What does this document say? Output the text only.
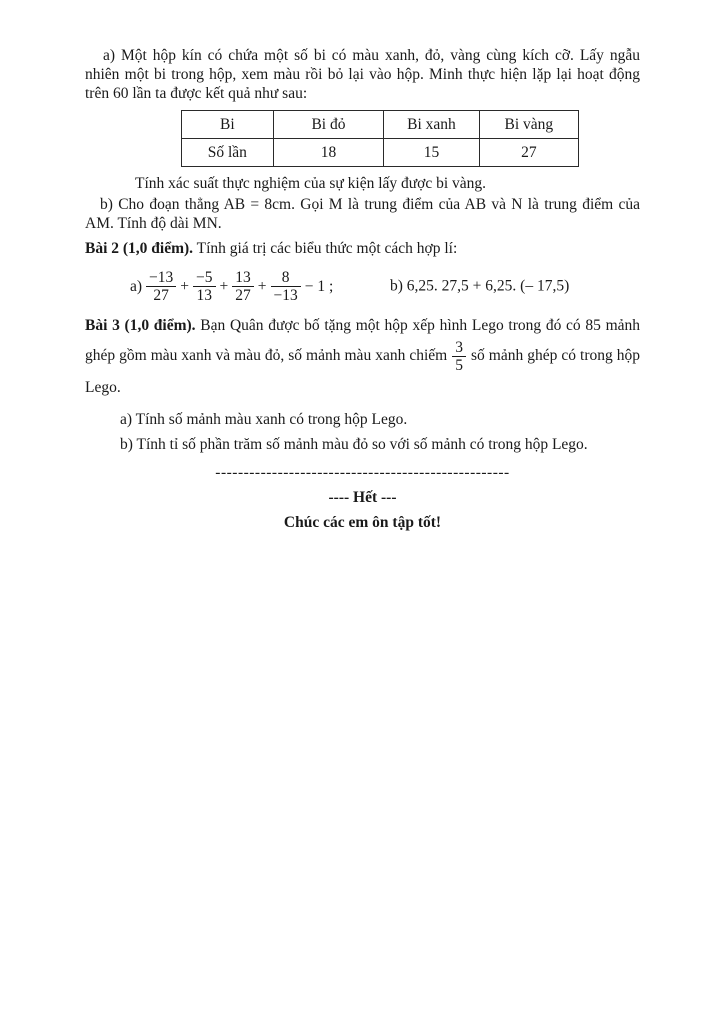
a) Một hộp kín có chứa một số bi có màu xanh, đỏ, vàng cùng kích cỡ. Lấy ngẫu nhiên một bi trong hộp, xem màu rồi bỏ lại vào hộp. Minh thực hiện lặp lại hoạt động trên 60 lần ta được kết quả như sau:

Bi	Bi đỏ	Bi xanh	Bi vàng
Số lần	18	15	27

Tính xác suất thực nghiệm của sự kiện lấy được bi vàng.

b) Cho đoạn thẳng AB = 8cm. Gọi M là trung điểm của AB và N là trung điểm của AM. Tính độ dài MN.

Bài 2 (1,0 điểm). Tính giá trị các biểu thức một cách hợp lí:

$a) \frac{-13}{27} + \frac{-5}{13} + \frac{13}{27} + \frac{8}{-13} - 1$ ;	b) 6,25. 27,5 + 6,25. (– 17,5)

Bài 3 (1,0 điểm). Bạn Quân được bố tặng một hộp xếp hình Lego trong đó có 85 mảnh ghép gồm màu xanh và màu đỏ, số mảnh màu xanh chiếm $\frac{3}{5}$ số mảnh ghép có trong hộp Lego.

a) Tính số mảnh màu xanh có trong hộp Lego.

b) Tính tỉ số phần trăm số mảnh màu đỏ so với số mảnh có trong hộp Lego.

----------------------------------------------------

---- Hết ---

Chúc các em ôn tập tốt!
